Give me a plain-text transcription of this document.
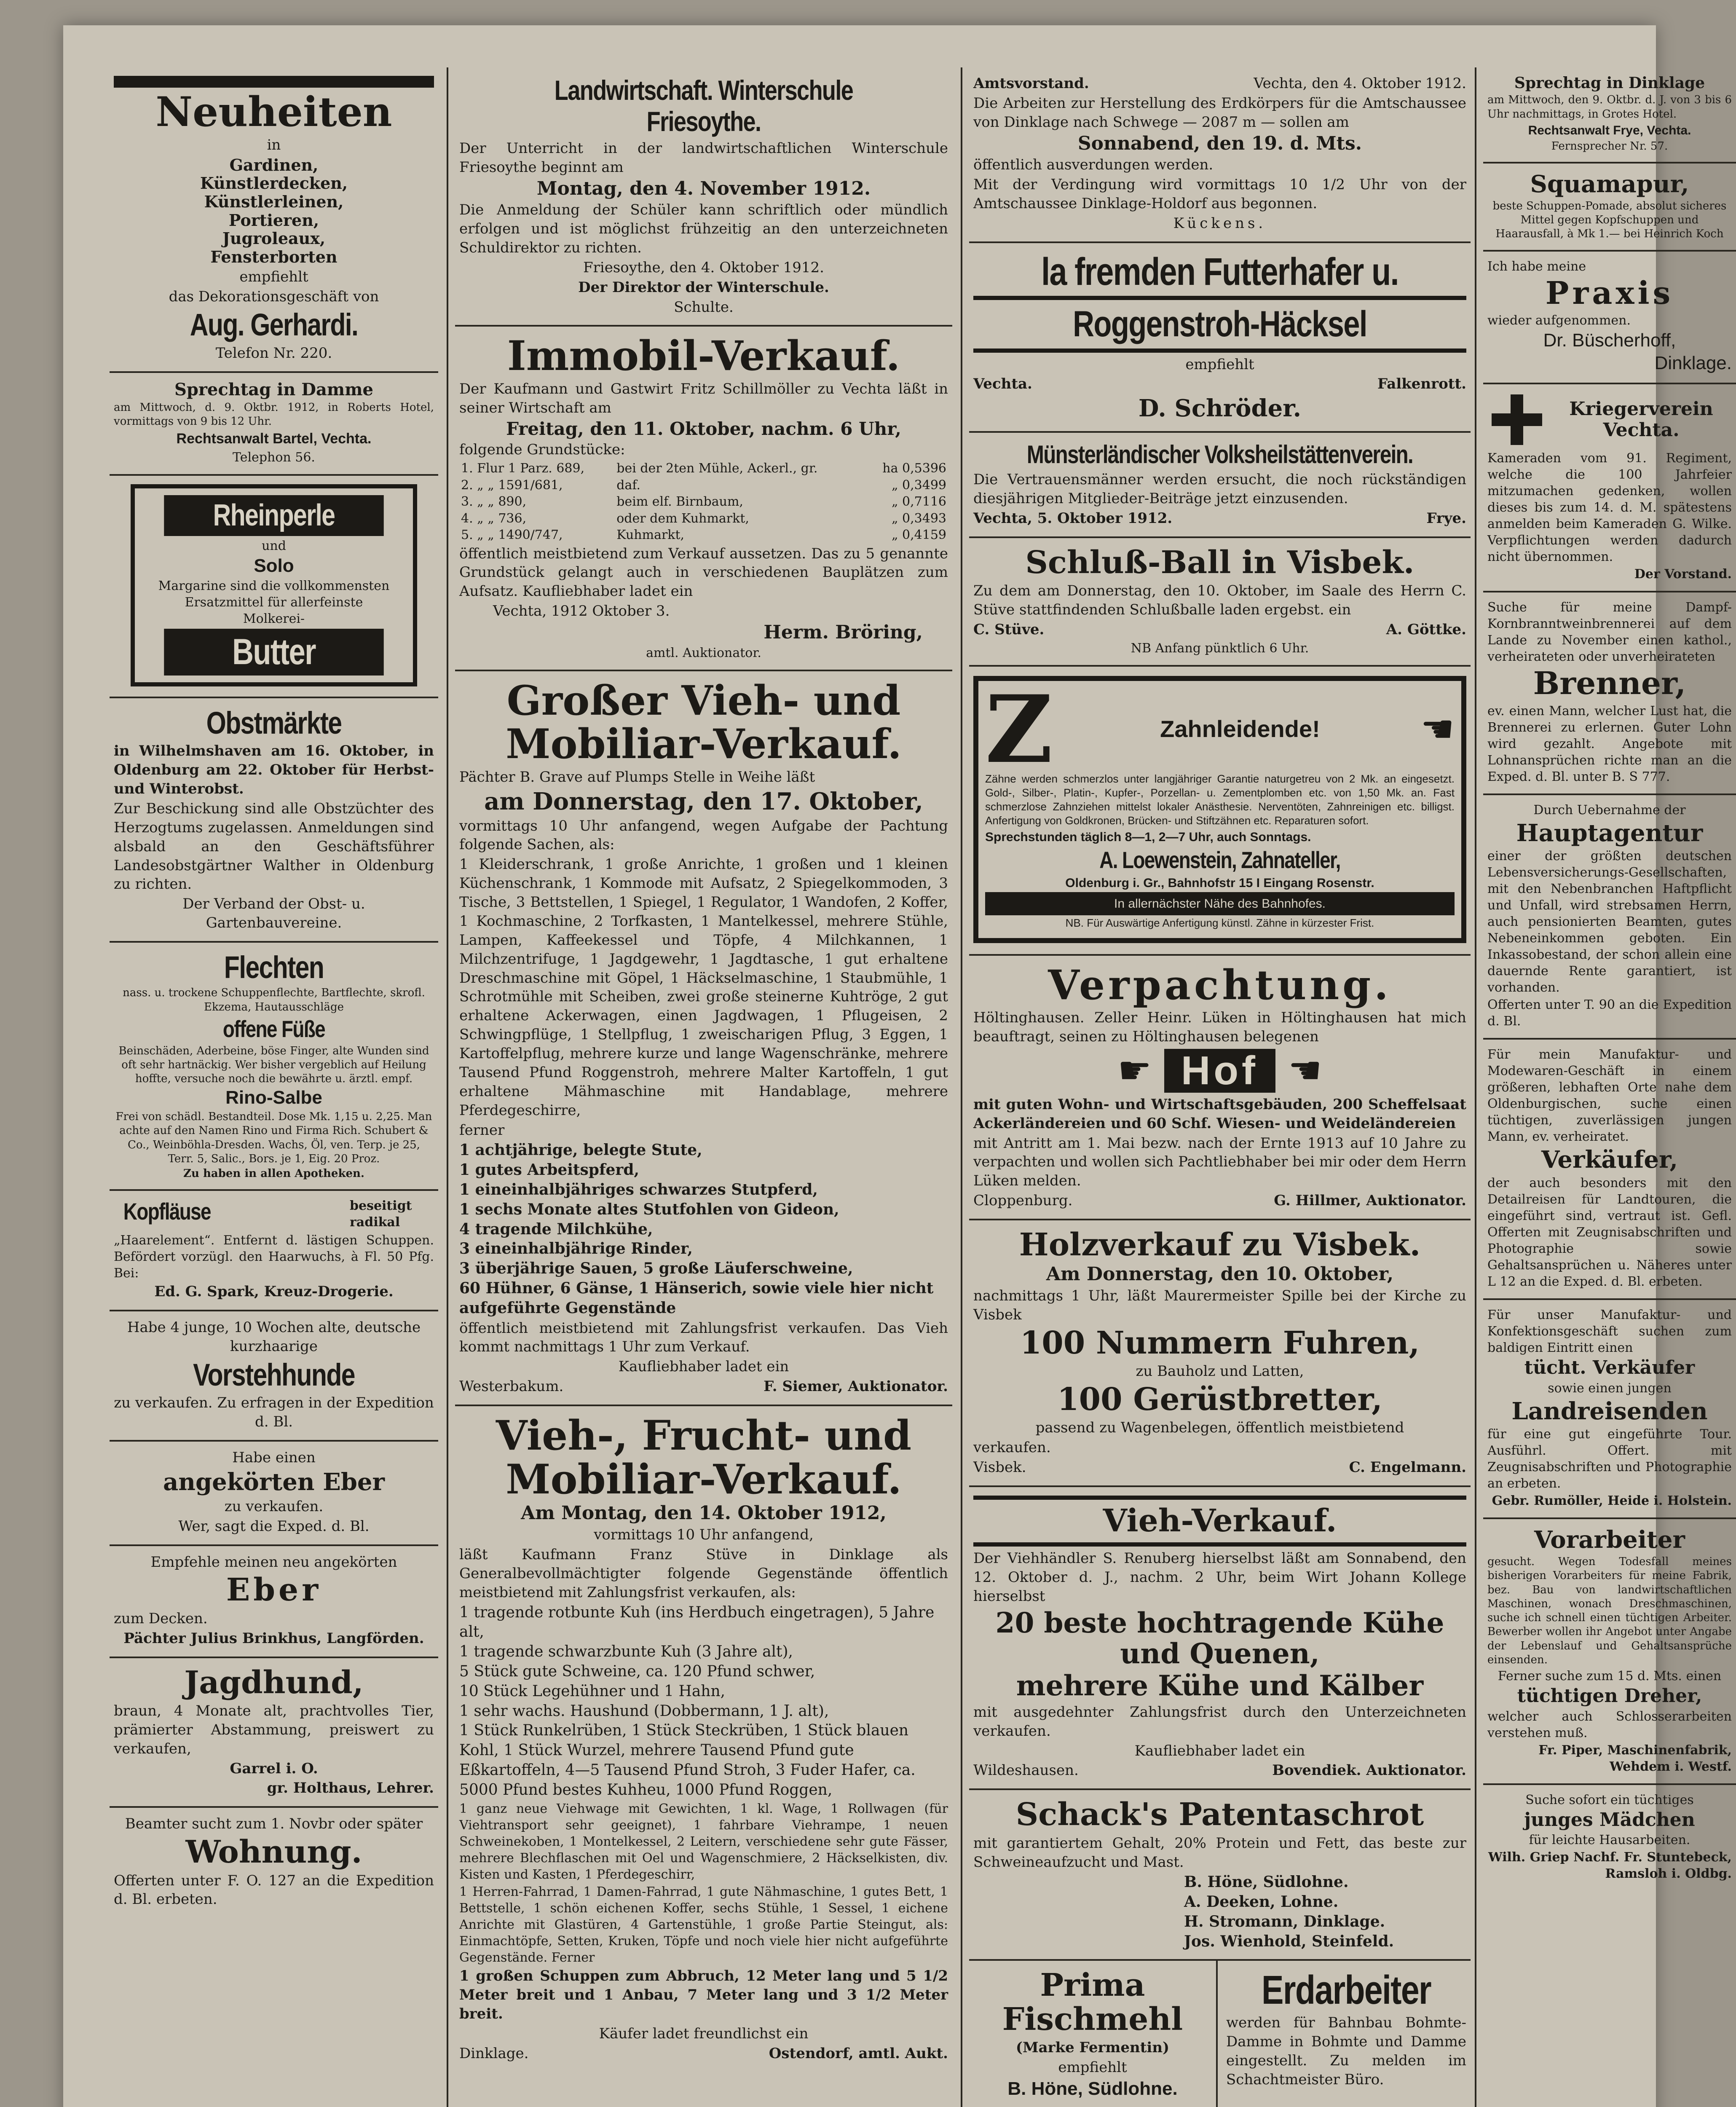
Neuheiten
in
Gardinen,
Künstlerdecken,
Künstlerleinen,
Portieren,
Jugroleaux,
Fensterborten
empfiehlt
das Dekorationsgeschäft von
Aug. Gerhardi.
Telefon Nr. 220.
Sprechtag in Damme
am Mittwoch, d. 9. Oktbr. 1912, in Roberts Hotel, vormittags von 9 bis 12 Uhr.
Rechtsanwalt Bartel, Vechta.
Telephon 56.
Rheinperle
und
Solo
Margarine sind die vollkommensten Ersatzmittel für allerfeinste Molkerei-
Butter
Obstmärkte
in Wilhelmshaven am 16. Oktober, in Oldenburg am 22. Oktober für Herbst- und Winterobst.
Zur Beschickung sind alle Obstzüchter des Herzogtums zugelassen. Anmeldungen sind alsbald an den Geschäftsführer Landesobstgärtner Walther in Oldenburg zu richten.
Der Verband der Obst- u. Gartenbauvereine.
Flechten
nass. u. trockene Schuppenflechte, Bartflechte, skrofl. Ekzema, Hautausschläge
offene Füße
Beinschäden, Aderbeine, böse Finger, alte Wunden sind oft sehr hartnäckig. Wer bisher vergeblich auf Heilung hoffte, versuche noch die bewährte u. ärztl. empf.
Rino-Salbe
Frei von schädl. Bestandteil. Dose Mk. 1,15 u. 2,25. Man achte auf den Namen Rino und Firma Rich. Schubert & Co., Weinböhla-Dresden. Wachs, Öl, ven. Terp. je 25, Terr. 5, Salic., Bors. je 1, Eig. 20 Proz.
Zu haben in allen Apotheken.
Kopfläuse	beseitigt radikal
„Haarelement“. Entfernt d. lästigen Schuppen. Befördert vorzügl. den Haarwuchs, à Fl. 50 Pfg. Bei:
Ed. G. Spark, Kreuz-Drogerie.
Habe 4 junge, 10 Wochen alte, deutsche kurzhaarige
Vorstehhunde
zu verkaufen. Zu erfragen in der Expedition d. Bl.
Habe einen
angekörten Eber
zu verkaufen.
Wer, sagt die Exped. d. Bl.
Empfehle meinen neu angekörten
Eber
zum Decken.
Pächter Julius Brinkhus, Langförden.
Jagdhund,
braun, 4 Monate alt, prachtvolles Tier, prämierter Abstammung, preiswert zu verkaufen,
Garrel i. O.
gr. Holthaus, Lehrer.
Beamter sucht zum 1. Novbr oder später
Wohnung.
Offerten unter F. O. 127 an die Expedition d. Bl. erbeten.
Landwirtschaft. Winterschule Friesoythe.
Der Unterricht in der landwirtschaftlichen Winterschule Friesoythe beginnt am
Montag, den 4. November 1912.
Die Anmeldung der Schüler kann schriftlich oder mündlich erfolgen und ist möglichst frühzeitig an den unterzeichneten Schuldirektor zu richten.
Friesoythe, den 4. Oktober 1912.
Der Direktor der Winterschule.
Schulte.
Immobil-Verkauf.
Der Kaufmann und Gastwirt Fritz Schillmöller zu Vechta läßt in seiner Wirtschaft am
Freitag, den 11. Oktober, nachm. 6 Uhr,
folgende Grundstücke:
1. Flur 1 Parz. 689,	bei der 2ten Mühle, Ackerl., gr.	ha 0,5396
2. „ „ 1591/681,	daf.	„ 0,3499
3. „ „ 890,	beim elf. Birnbaum,	„ 0,7116
4. „ „ 736,	oder dem Kuhmarkt,	„ 0,3493
5. „ „ 1490/747,	Kuhmarkt,	„ 0,4159
öffentlich meistbietend zum Verkauf aussetzen. Das zu 5 genannte Grundstück gelangt auch in verschiedenen Bauplätzen zum Aufsatz. Kaufliebhaber ladet ein
Vechta, 1912 Oktober 3.
Herm. Bröring,
amtl. Auktionator.
Großer Vieh- und Mobiliar-Verkauf.
Pächter B. Grave auf Plumps Stelle in Weihe läßt
am Donnerstag, den 17. Oktober,
vormittags 10 Uhr anfangend, wegen Aufgabe der Pachtung folgende Sachen, als:
1 Kleiderschrank, 1 große Anrichte, 1 großen und 1 kleinen Küchenschrank, 1 Kommode mit Aufsatz, 2 Spiegelkommoden, 3 Tische, 3 Bettstellen, 1 Spiegel, 1 Regulator, 1 Wandofen, 2 Koffer, 1 Kochmaschine, 2 Torfkasten, 1 Mantelkessel, mehrere Stühle, Lampen, Kaffeekessel und Töpfe, 4 Milchkannen, 1 Milchzentrifuge, 1 Jagdgewehr, 1 Jagdtasche, 1 gut erhaltene Dreschmaschine mit Göpel, 1 Häckselmaschine, 1 Staubmühle, 1 Schrotmühle mit Scheiben, zwei große steinerne Kuhtröge, 2 gut erhaltene Ackerwagen, einen Jagdwagen, 1 Pflugeisen, 2 Schwingpflüge, 1 Stellpflug, 1 zweischarigen Pflug, 3 Eggen, 1 Kartoffelpflug, mehrere kurze und lange Wagenschränke, mehrere Tausend Pfund Roggenstroh, mehrere Malter Kartoffeln, 1 gut erhaltene Mähmaschine mit Handablage, mehrere Pferdegeschirre,
ferner
1 achtjährige, belegte Stute,
1 gutes Arbeitspferd,
1 eineinhalbjähriges schwarzes Stutpferd,
1 sechs Monate altes Stutfohlen von Gideon,
4 tragende Milchkühe,
3 eineinhalbjährige Rinder,
3 überjährige Sauen, 5 große Läuferschweine,
60 Hühner, 6 Gänse, 1 Hänserich, sowie viele hier nicht aufgeführte Gegenstände
öffentlich meistbietend mit Zahlungsfrist verkaufen. Das Vieh kommt nachmittags 1 Uhr zum Verkauf.
Kaufliebhaber ladet ein
Westerbakum.	F. Siemer, Auktionator.
Vieh-, Frucht- und Mobiliar-Verkauf.
Am Montag, den 14. Oktober 1912,
vormittags 10 Uhr anfangend,
läßt Kaufmann Franz Stüve in Dinklage als Generalbevollmächtigter folgende Gegenstände öffentlich meistbietend mit Zahlungsfrist verkaufen, als:
1 tragende rotbunte Kuh (ins Herdbuch eingetragen), 5 Jahre alt,
1 tragende schwarzbunte Kuh (3 Jahre alt),
5 Stück gute Schweine, ca. 120 Pfund schwer,
10 Stück Legehühner und 1 Hahn,
1 sehr wachs. Haushund (Dobbermann, 1 J. alt),
1 Stück Runkelrüben, 1 Stück Steckrüben, 1 Stück blauen Kohl, 1 Stück Wurzel, mehrere Tausend Pfund gute Eßkartoffeln, 4—5 Tausend Pfund Stroh, 3 Fuder Hafer, ca. 5000 Pfund bestes Kuhheu, 1000 Pfund Roggen,
1 ganz neue Viehwage mit Gewichten, 1 kl. Wage, 1 Rollwagen (für Viehtransport sehr geeignet), 1 fahrbare Viehrampe, 1 neuen Schweinekoben, 1 Montelkessel, 2 Leitern, verschiedene sehr gute Fässer, mehrere Blechflaschen mit Oel und Wagenschmiere, 2 Häckselkisten, div. Kisten und Kasten, 1 Pferdegeschirr,
1 Herren-Fahrrad, 1 Damen-Fahrrad, 1 gute Nähmaschine, 1 gutes Bett, 1 Bettstelle, 1 schön eichenen Koffer, sechs Stühle, 1 Sessel, 1 eichene Anrichte mit Glastüren, 4 Gartenstühle, 1 große Partie Steingut, als: Einmachtöpfe, Setten, Kruken, Töpfe und noch viele hier nicht aufgeführte Gegenstände. Ferner
1 großen Schuppen zum Abbruch, 12 Meter lang und 5 1/2 Meter breit und 1 Anbau, 7 Meter lang und 3 1/2 Meter breit.
Käufer ladet freundlichst ein
Dinklage.	Ostendorf, amtl. Aukt.
Amtsvorstand.	Vechta, den 4. Oktober 1912.
Die Arbeiten zur Herstellung des Erdkörpers für die Amtschaussee von Dinklage nach Schwege — 2087 m — sollen am
Sonnabend, den 19. d. Mts.
öffentlich ausverdungen werden.
Mit der Verdingung wird vormittags 10 1/2 Uhr von der Amtschaussee Dinklage-Holdorf aus begonnen.
Kückens.
la fremden Futterhafer u.
Roggenstroh-Häcksel
empfiehlt
Vechta.	Falkenrott.
D. Schröder.
Münsterländischer Volksheilstättenverein.
Die Vertrauensmänner werden ersucht, die noch rückständigen diesjährigen Mitglieder-Beiträge jetzt einzusenden.
Vechta, 5. Oktober 1912.	Frye.
Schluß-Ball in Visbek.
Zu dem am Donnerstag, den 10. Oktober, im Saale des Herrn C. Stüve stattfindenden Schlußballe laden ergebst. ein
C. Stüve.	A. Göttke.
NB Anfang pünktlich 6 Uhr.
Z	Zahnleidende!	☚
Zähne werden schmerzlos unter langjähriger Garantie naturgetreu von 2 Mk. an eingesetzt. Gold-, Silber-, Platin-, Kupfer-, Porzellan- u. Zementplomben etc. von 1,50 Mk. an. Fast schmerzlose Zahnziehen mittelst lokaler Anästhesie. Nerventöten, Zahnreinigen etc. billigst. Anfertigung von Goldkronen, Brücken- und Stiftzähnen etc. Reparaturen sofort.
Sprechstunden täglich 8—1, 2—7 Uhr, auch Sonntags.
A. Loewenstein, Zahnateller,
Oldenburg i. Gr., Bahnhofstr 15 I Eingang Rosenstr.
In allernächster Nähe des Bahnhofes.
NB. Für Auswärtige Anfertigung künstl. Zähne in kürzester Frist.
Verpachtung.
Höltinghausen. Zeller Heinr. Lüken in Höltinghausen hat mich beauftragt, seinen zu Höltinghausen belegenen
☛ Hof ☚
mit guten Wohn- und Wirtschaftsgebäuden, 200 Scheffelsaat Ackerländereien und 60 Schf. Wiesen- und Weideländereien
mit Antritt am 1. Mai bezw. nach der Ernte 1913 auf 10 Jahre zu verpachten und wollen sich Pachtliebhaber bei mir oder dem Herrn Lüken melden.
Cloppenburg.	G. Hillmer, Auktionator.
Holzverkauf zu Visbek.
Am Donnerstag, den 10. Oktober,
nachmittags 1 Uhr, läßt Maurermeister Spille bei der Kirche zu Visbek
100 Nummern Fuhren,
zu Bauholz und Latten,
100 Gerüstbretter,
passend zu Wagenbelegen, öffentlich meistbietend
verkaufen.
Visbek.	C. Engelmann.
Vieh-Verkauf.
Der Viehhändler S. Renuberg hierselbst läßt am Sonnabend, den 12. Oktober d. J., nachm. 2 Uhr, beim Wirt Johann Kollege hierselbst
20 beste hochtragende Kühe und Quenen,
mehrere Kühe und Kälber
mit ausgedehnter Zahlungsfrist durch den Unterzeichneten verkaufen.
Kaufliebhaber ladet ein
Wildeshausen.	Bovendiek. Auktionator.
Schack's Patentaschrot
mit garantiertem Gehalt, 20% Protein und Fett, das beste zur Schweineaufzucht und Mast.
B. Höne, Südlohne.
A. Deeken, Lohne.
H. Stromann, Dinklage.
Jos. Wienhold, Steinfeld.
Prima Fischmehl
(Marke Fermentin)
empfiehlt
B. Höne, Südlohne.
Erdarbeiter
werden für Bahnbau Bohmte-Damme in Bohmte und Damme eingestellt. Zu melden im Schachtmeister Büro.
Sprechtag in Dinklage
am Mittwoch, den 9. Oktbr. d. J. von 3 bis 6 Uhr nachmittags, in Grotes Hotel.
Rechtsanwalt Frye, Vechta.
Fernsprecher Nr. 57.
Squamapur,
beste Schuppen-Pomade, absolut sicheres Mittel gegen Kopfschuppen und Haarausfall, à Mk 1.— bei Heinrich Koch
Ich habe meine
Praxis
wieder aufgenommen.
Dr. Büscherhoff,
Dinklage.
Kriegerverein Vechta.
Kameraden vom 91. Regiment, welche die 100 Jahrfeier mitzumachen gedenken, wollen dieses bis zum 14. d. M. spätestens anmelden beim Kameraden G. Wilke. Verpflichtungen werden dadurch nicht übernommen.
Der Vorstand.
Suche für meine Dampf-Kornbranntweinbrennerei auf dem Lande zu November einen kathol., verheirateten oder unverheirateten
Brenner,
ev. einen Mann, welcher Lust hat, die Brennerei zu erlernen. Guter Lohn wird gezahlt. Angebote mit Lohnansprüchen richte man an die Exped. d. Bl. unter B. S 777.
Durch Uebernahme der
Hauptagentur
einer der größten deutschen Lebensversicherungs-Gesellschaften, mit den Nebenbranchen Haftpflicht und Unfall, wird strebsamen Herrn, auch pensionierten Beamten, gutes Nebeneinkommen geboten. Ein Inkassobestand, der schon allein eine dauernde Rente garantiert, ist vorhanden.
Offerten unter T. 90 an die Expedition d. Bl.
Für mein Manufaktur- und Modewaren-Geschäft in einem größeren, lebhaften Orte nahe dem Oldenburgischen, suche einen tüchtigen, zuverlässigen jungen Mann, ev. verheiratet.
Verkäufer,
der auch besonders mit den Detailreisen für Landtouren, die eingeführt sind, vertraut ist. Gefl. Offerten mit Zeugnisabschriften und Photographie sowie Gehaltsansprüchen u. Näheres unter L 12 an die Exped. d. Bl. erbeten.
Für unser Manufaktur- und Konfektionsgeschäft suchen zum baldigen Eintritt einen
tücht. Verkäufer
sowie einen jungen
Landreisenden
für eine gut eingeführte Tour. Ausführl. Offert. mit Zeugnisabschriften und Photographie an erbeten.
Gebr. Rumöller, Heide i. Holstein.
Vorarbeiter
gesucht. Wegen Todesfall meines bisherigen Vorarbeiters für meine Fabrik, bez. Bau von landwirtschaftlichen Maschinen, wonach Dreschmaschinen, suche ich schnell einen tüchtigen Arbeiter. Bewerber wollen ihr Angebot unter Angabe der Lebenslauf und Gehaltsansprüche einsenden.
Ferner suche zum 15 d. Mts. einen
tüchtigen Dreher,
welcher auch Schlosserarbeiten verstehen muß.
Fr. Piper, Maschinenfabrik, Wehdem i. Westf.
Suche sofort ein tüchtiges
junges Mädchen
für leichte Hausarbeiten.
Wilh. Griep Nachf. Fr. Stuntebeck, Ramsloh i. Oldbg.
